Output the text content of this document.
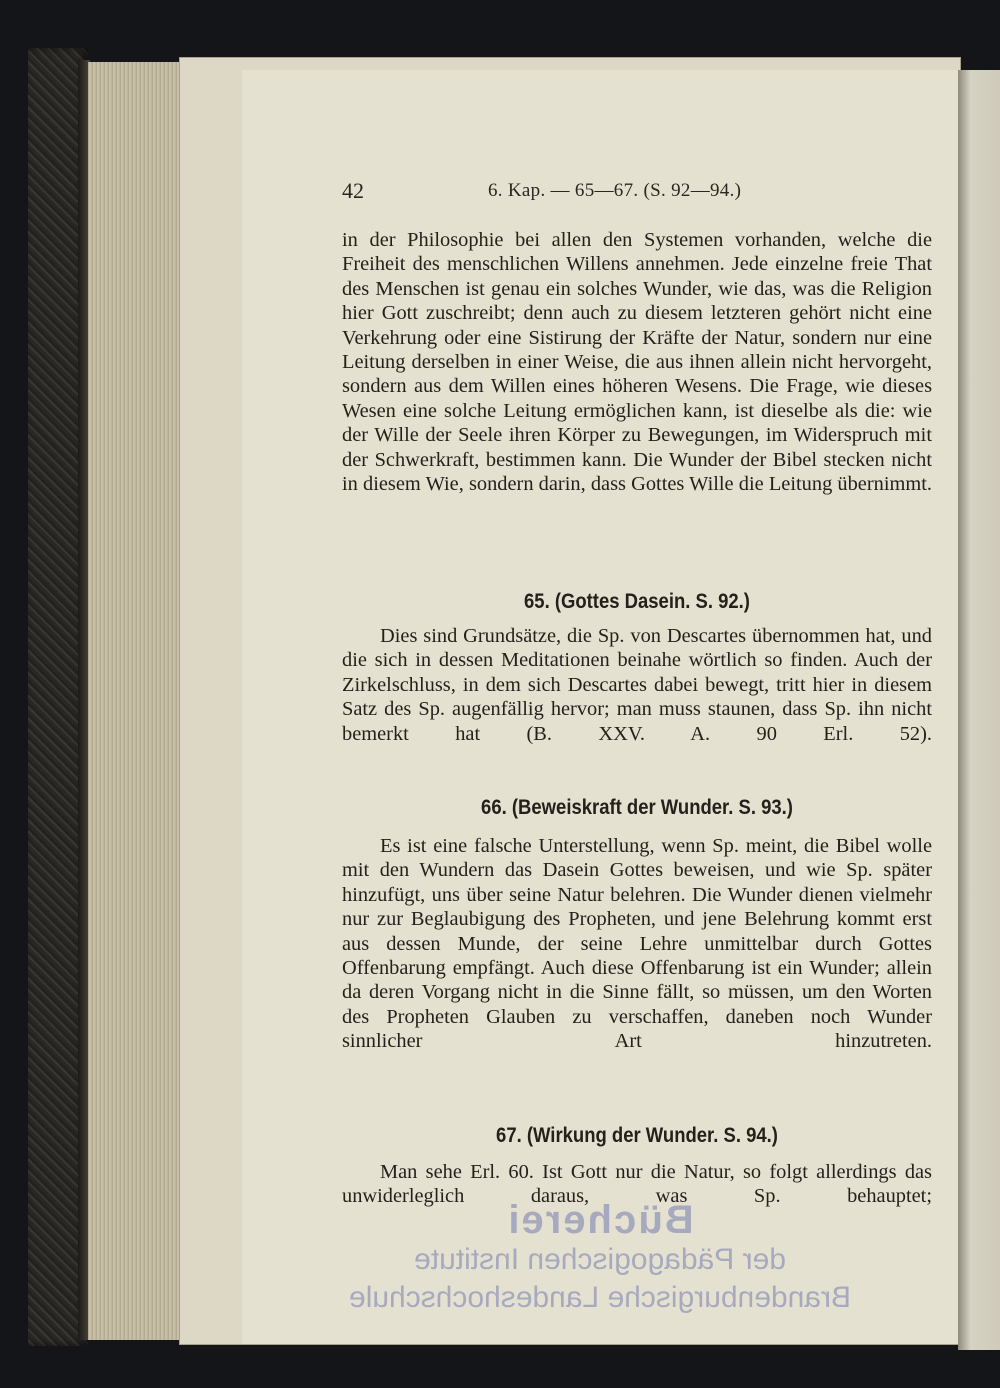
42	6. Kap. — 65—67. (S. 92—94.)
in der Philosophie bei allen den Systemen vorhanden, welche die Freiheit des menschlichen Willens annehmen. Jede einzelne freie That des Menschen ist genau ein solches Wunder, wie das, was die Religion hier Gott zuschreibt; denn auch zu diesem letzteren gehört nicht eine Verkehrung oder eine Sistirung der Kräfte der Natur, sondern nur eine Leitung derselben in einer Weise, die aus ihnen allein nicht hervorgeht, sondern aus dem Willen eines höheren Wesens. Die Frage, wie dieses Wesen eine solche Leitung ermöglichen kann, ist dieselbe als die: wie der Wille der Seele ihren Körper zu Bewegungen, im Widerspruch mit der Schwerkraft, bestimmen kann. Die Wunder der Bibel stecken nicht in diesem Wie, sondern darin, dass Gottes Wille die Leitung übernimmt.
65. (Gottes Dasein. S. 92.)
Dies sind Grundsätze, die Sp. von Descartes übernommen hat, und die sich in dessen Meditationen beinahe wörtlich so finden. Auch der Zirkelschluss, in dem sich Descartes dabei bewegt, tritt hier in diesem Satz des Sp. augenfällig hervor; man muss staunen, dass Sp. ihn nicht bemerkt hat (B. XXV. A. 90 Erl. 52).
66. (Beweiskraft der Wunder. S. 93.)
Es ist eine falsche Unterstellung, wenn Sp. meint, die Bibel wolle mit den Wundern das Dasein Gottes beweisen, und wie Sp. später hinzufügt, uns über seine Natur belehren. Die Wunder dienen vielmehr nur zur Beglaubigung des Propheten, und jene Belehrung kommt erst aus dessen Munde, der seine Lehre unmittelbar durch Gottes Offenbarung empfängt. Auch diese Offenbarung ist ein Wunder; allein da deren Vorgang nicht in die Sinne fällt, so müssen, um den Worten des Propheten Glauben zu verschaffen, daneben noch Wunder sinnlicher Art hinzutreten.
67. (Wirkung der Wunder. S. 94.)
Man sehe Erl. 60. Ist Gott nur die Natur, so folgt allerdings das unwiderleglich daraus, was Sp. behauptet;
Bücherei
der Pädagogischen Institute
Brandenburgische Landeshochschule
